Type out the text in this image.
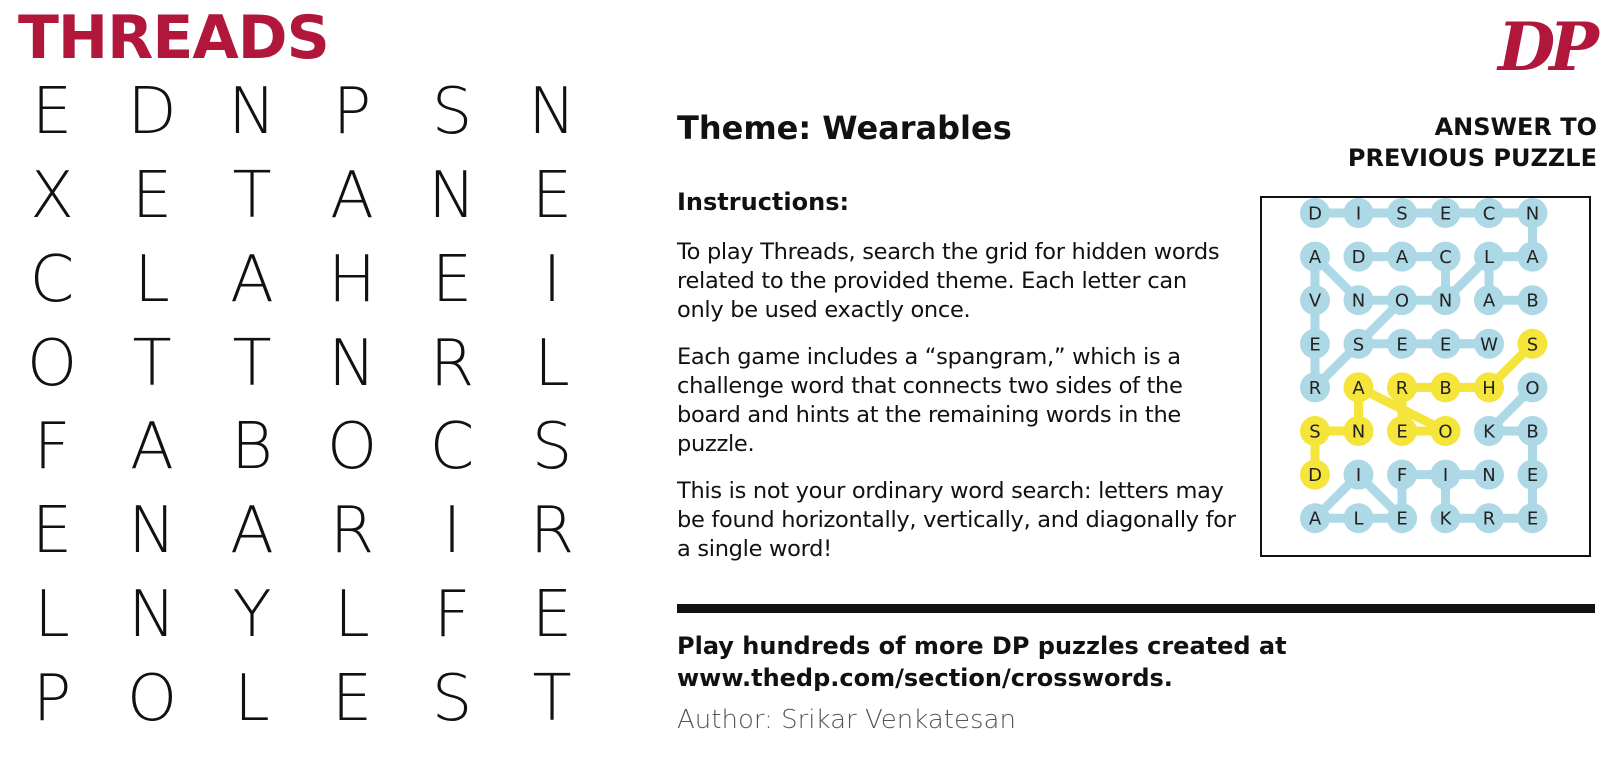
THREADS	DP
E D N P S N
X E T A N E
C L A H E	I
O T T N R L
F A B O C S
E N A R	I	R
L N Y L F E
P O L E S T
Theme: Wearables
Instructions:

To play Threads, search the grid for hidden words related to the provided theme. Each letter can only be used exactly once.

Each game includes a “spangram,” which is a challenge word that connects two sides of the board and hints at the remaining words in the puzzle.

This is not your ordinary word search: letters may be found horizontally, vertically, and diagonally for a single word!

ANSWER TO
PREVIOUS PUZZLE
D I S E C N
A D A C L A
V N O N A B
E S E E W S
R A R B H O
S N E O K B
D I F I N E
A L E K R E
Play hundreds of more DP puzzles created at www.thedp.com/section/crosswords.
Author: Srikar Venkatesan
